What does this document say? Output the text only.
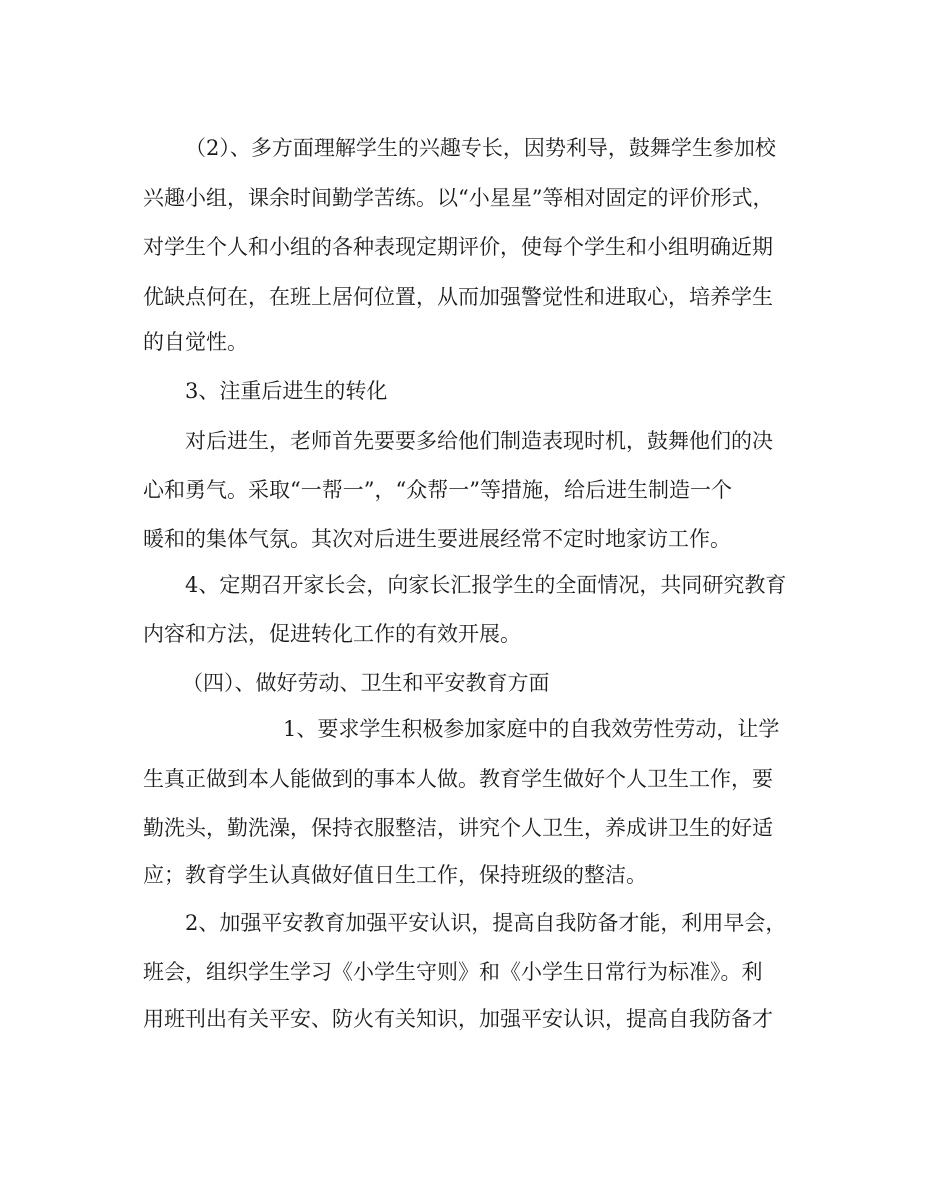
（2）、多方面理解学生的兴趣专长，因势利导，鼓舞学生参加校
兴趣小组，课余时间勤学苦练。以“小星星”等相对固定的评价形式，
对学生个人和小组的各种表现定期评价，使每个学生和小组明确近期
优缺点何在，在班上居何位置，从而加强警觉性和进取心，培养学生
的自觉性。
3、注重后进生的转化
对后进生，老师首先要要多给他们制造表现时机，鼓舞他们的决
心和勇气。采取“一帮一”，“众帮一”等措施，给后进生制造一个
暖和的集体气氛。其次对后进生要进展经常不定时地家访工作。
4、定期召开家长会，向家长汇报学生的全面情况，共同研究教育
内容和方法，促进转化工作的有效开展。
（四）、做好劳动、卫生和平安教育方面
1、要求学生积极参加家庭中的自我效劳性劳动，让学
生真正做到本人能做到的事本人做。教育学生做好个人卫生工作，要
勤洗头，勤洗澡，保持衣服整洁，讲究个人卫生，养成讲卫生的好适
应；教育学生认真做好值日生工作，保持班级的整洁。
2、加强平安教育加强平安认识，提高自我防备才能，利用早会，
班会，组织学生学习《小学生守则》和《小学生日常行为标准》。利
用班刊出有关平安、防火有关知识，加强平安认识，提高自我防备才
